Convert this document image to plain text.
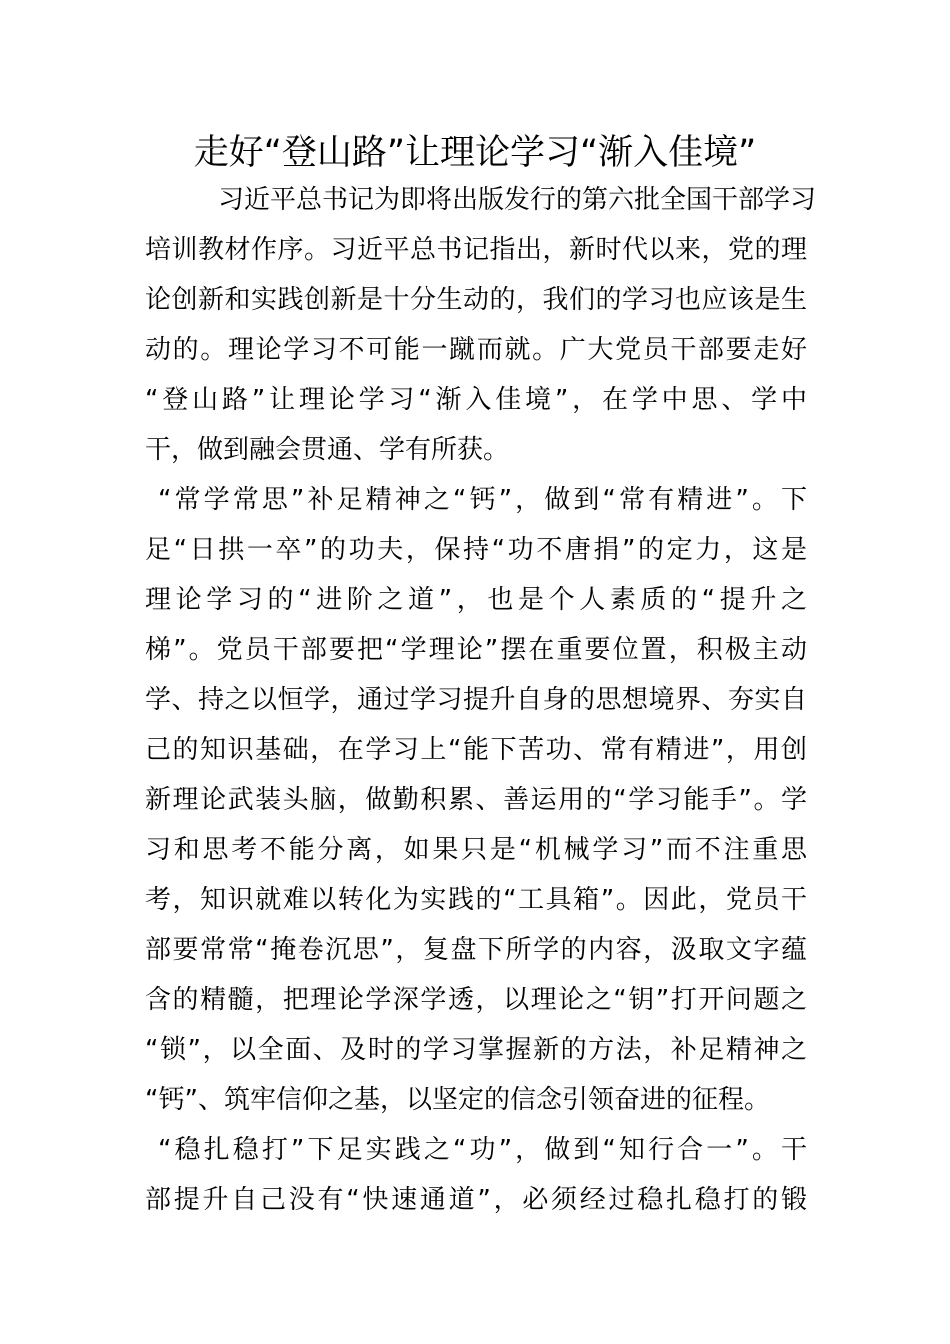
走好“登山路”让理论学习“渐入佳境”
习近平总书记为即将出版发行的第六批全国干部学习
培训教材作序。习近平总书记指出，新时代以来，党的理
论创新和实践创新是十分生动的，我们的学习也应该是生
动的。理论学习不可能一蹴而就。广大党员干部要走好
“登山路”让理论学习“渐入佳境”，在学中思、学中
干，做到融会贯通、学有所获。
“常学常思”补足精神之“钙”，做到“常有精进”。下
足“日拱一卒”的功夫，保持“功不唐捐”的定力，这是
理论学习的“进阶之道”，也是个人素质的“提升之
梯”。党员干部要把“学理论”摆在重要位置，积极主动
学、持之以恒学，通过学习提升自身的思想境界、夯实自
己的知识基础，在学习上“能下苦功、常有精进”，用创
新理论武装头脑，做勤积累、善运用的“学习能手”。学
习和思考不能分离，如果只是“机械学习”而不注重思
考，知识就难以转化为实践的“工具箱”。因此，党员干
部要常常“掩卷沉思”，复盘下所学的内容，汲取文字蕴
含的精髓，把理论学深学透，以理论之“钥”打开问题之
“锁”，以全面、及时的学习掌握新的方法，补足精神之
“钙”、筑牢信仰之基，以坚定的信念引领奋进的征程。
“稳扎稳打”下足实践之“功”，做到“知行合一”。干
部提升自己没有“快速通道”，必须经过稳扎稳打的锻
